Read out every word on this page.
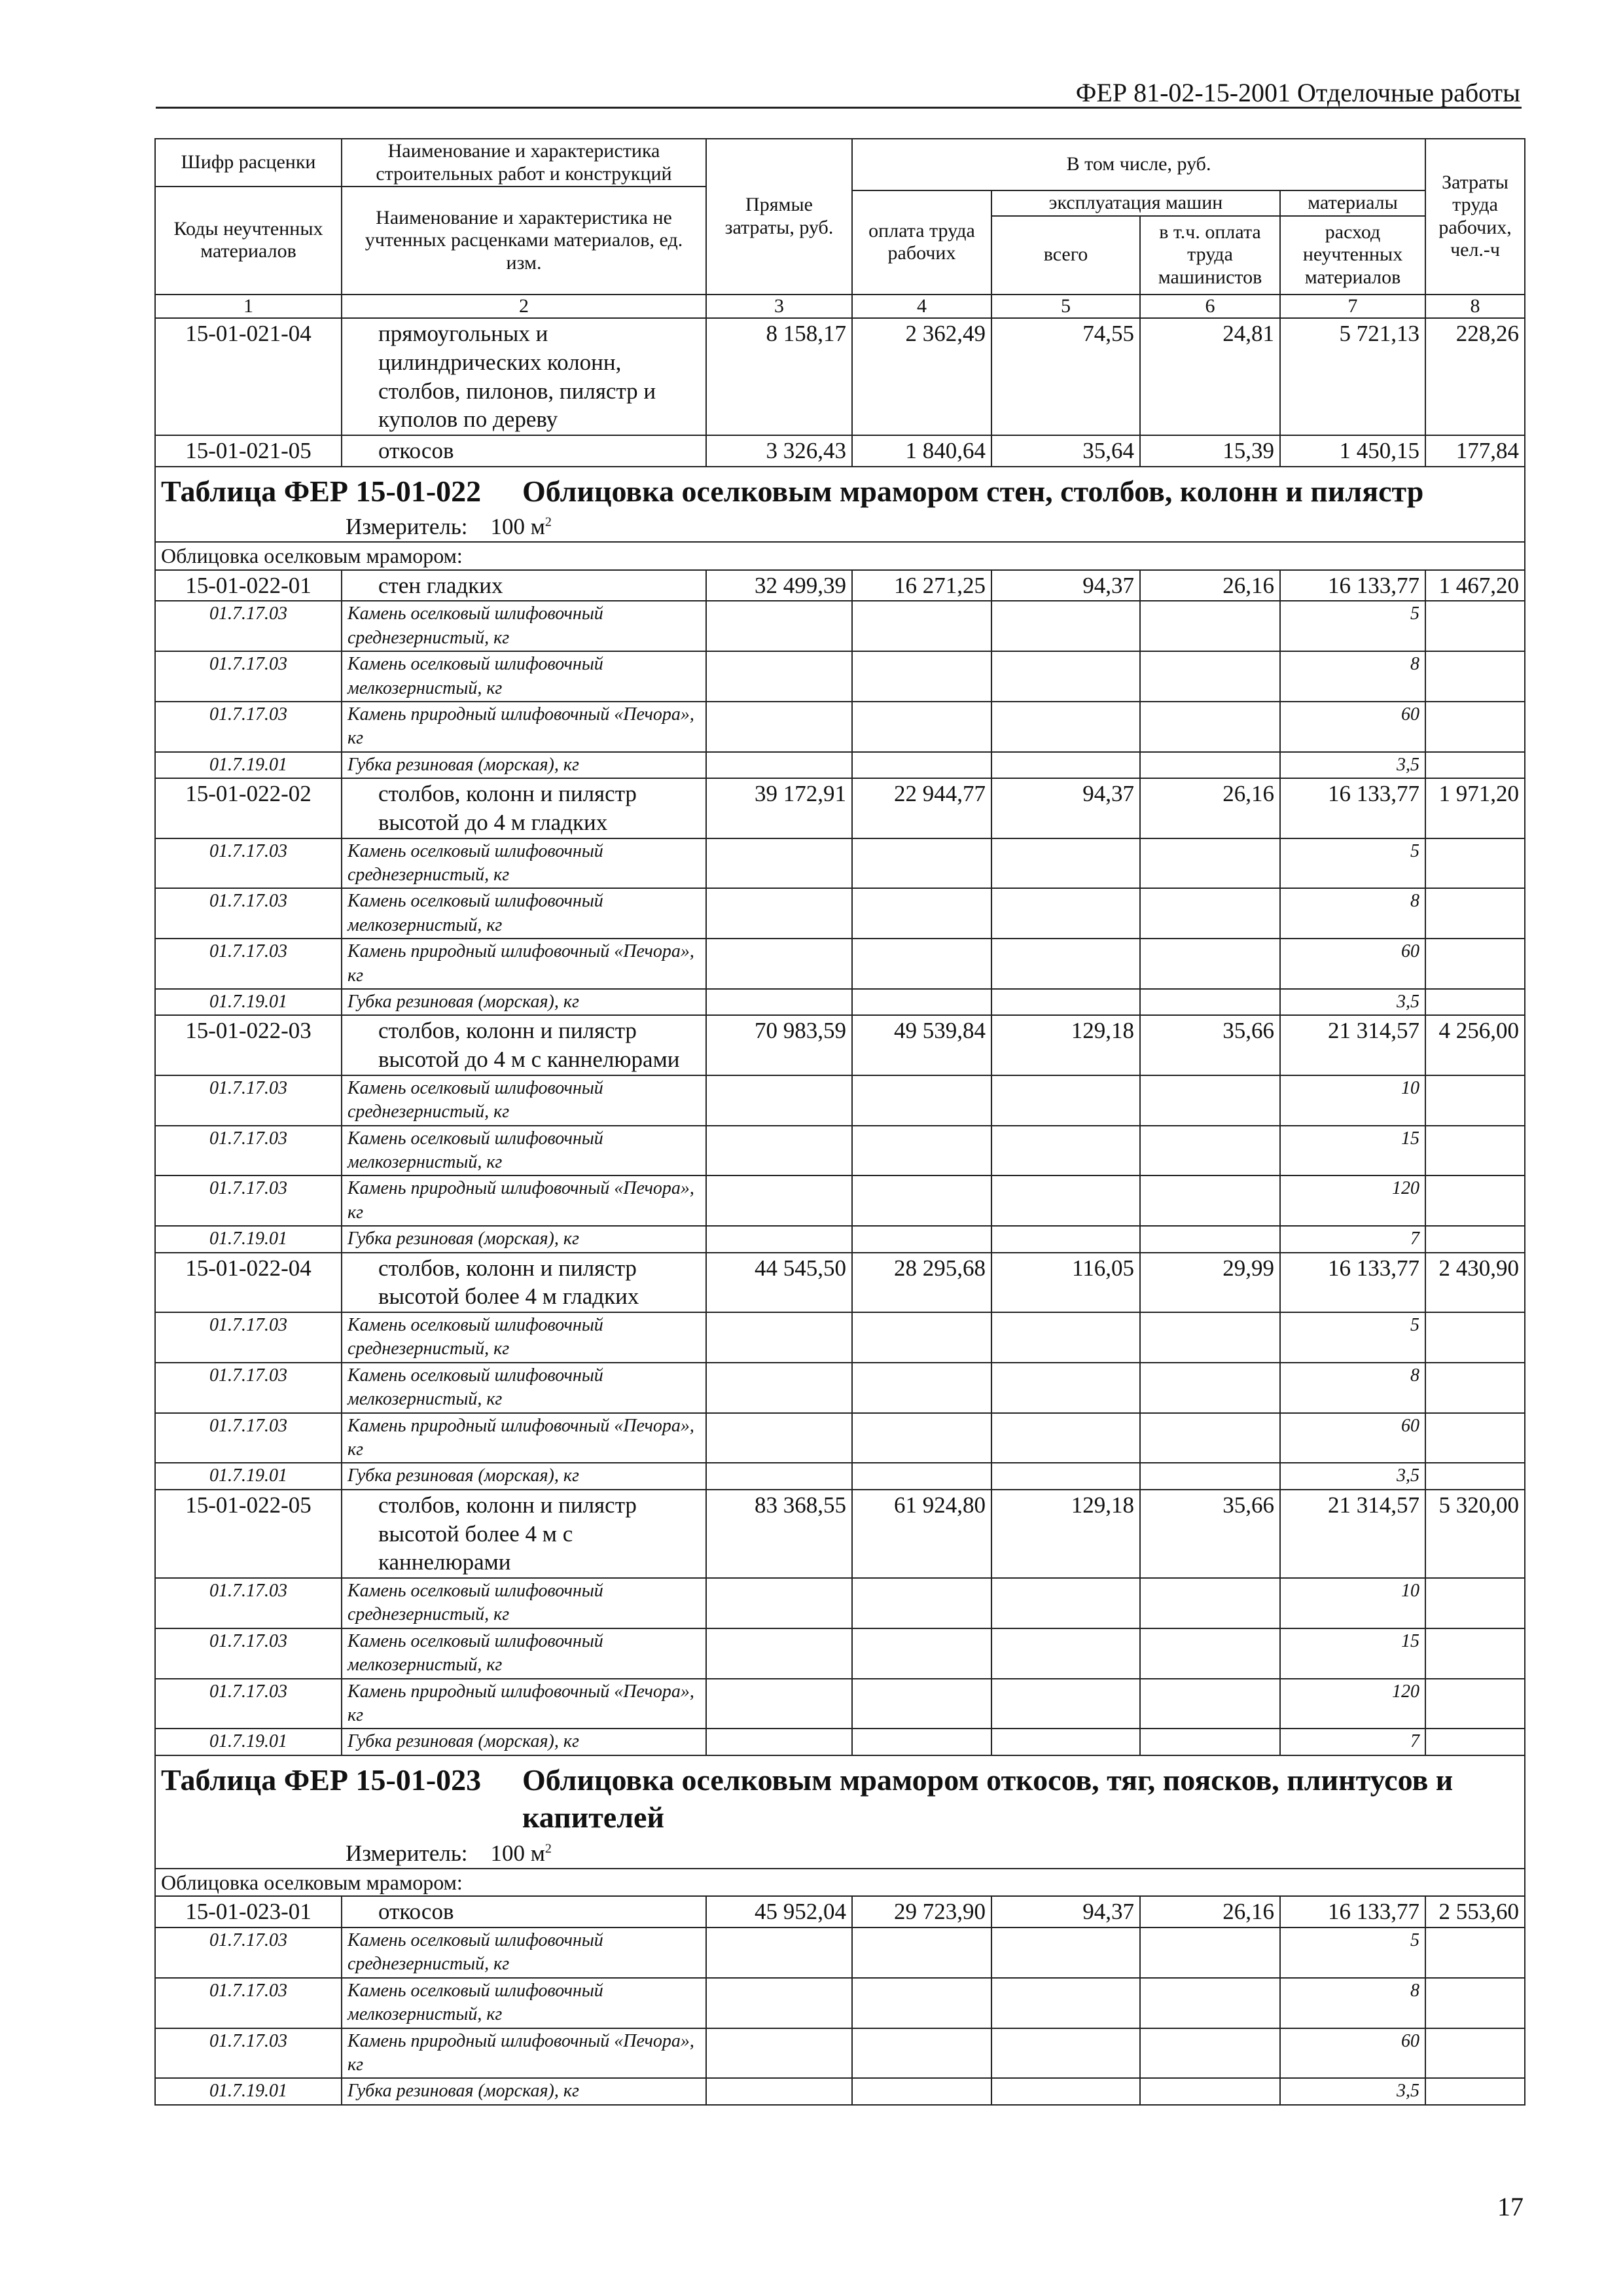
ФЕР 81-02-15-2001 Отделочные работы
Шифр расценки	Наименование и характеристика строительных работ и конструкций	Прямые затраты, руб.	В том числе, руб.				Затраты труда рабочих, чел.-ч
Коды неучтенных материалов	Наименование и характеристика не учтенных расценками материалов, ед. изм.						
			оплата труда рабочих	эксплуатация машин		материалы	
				всего	в т.ч. оплата труда машинистов	расход неучтенных материалов	
1	2	3	4	5	6	7	8
15-01-021-04	прямоугольных и цилиндрических колонн, столбов, пилонов, пилястр и куполов по дереву	8 158,17	2 362,49	74,55	24,81	5 721,13	228,26
15-01-021-05	откосов	3 326,43	1 840,64	35,64	15,39	1 450,15	177,84

Таблица ФЕР 15-01-022 Облицовка оселковым мрамором стен, столбов, колонн и пилястр
Измеритель: 100 $м^2$

Облицовка оселковым мрамором:							
15-01-022-01	стен гладких	32 499,39	16 271,25	94,37	26,16	16 133,77	1 467,20
01.7.17.03	Камень оселковый шлифовочный среднезернистый, кг					5	
01.7.17.03	Камень оселковый шлифовочный мелкозернистый, кг					8	
01.7.17.03	Камень природный шлифовочный «Печора», кг					60	
01.7.19.01	Губка резиновая (морская), кг					3,5	
15-01-022-02	столбов, колонн и пилястр высотой до 4 м гладких	39 172,91	22 944,77	94,37	26,16	16 133,77	1 971,20
01.7.17.03	Камень оселковый шлифовочный среднезернистый, кг					5	
01.7.17.03	Камень оселковый шлифовочный мелкозернистый, кг					8	
01.7.17.03	Камень природный шлифовочный «Печора», кг					60	
01.7.19.01	Губка резиновая (морская), кг					3,5	
15-01-022-03	столбов, колонн и пилястр высотой до 4 м с каннелюрами	70 983,59	49 539,84	129,18	35,66	21 314,57	4 256,00
01.7.17.03	Камень оселковый шлифовочный среднезернистый, кг					10	
01.7.17.03	Камень оселковый шлифовочный мелкозернистый, кг					15	
01.7.17.03	Камень природный шлифовочный «Печора», кг					120	
01.7.19.01	Губка резиновая (морская), кг					7	
15-01-022-04	столбов, колонн и пилястр высотой более 4 м гладких	44 545,50	28 295,68	116,05	29,99	16 133,77	2 430,90
01.7.17.03	Камень оселковый шлифовочный среднезернистый, кг					5	
01.7.17.03	Камень оселковый шлифовочный мелкозернистый, кг					8	
01.7.17.03	Камень природный шлифовочный «Печора», кг					60	
01.7.19.01	Губка резиновая (морская), кг					3,5	
15-01-022-05	столбов, колонн и пилястр высотой более 4 м с каннелюрами	83 368,55	61 924,80	129,18	35,66	21 314,57	5 320,00
01.7.17.03	Камень оселковый шлифовочный среднезернистый, кг					10	
01.7.17.03	Камень оселковый шлифовочный мелкозернистый, кг					15	
01.7.17.03	Камень природный шлифовочный «Печора», кг					120	
01.7.19.01	Губка резиновая (морская), кг					7	

Таблица ФЕР 15-01-023 Облицовка оселковым мрамором откосов, тяг, поясков, плинтусов и капителей
Измеритель: 100 $м^2$

Облицовка оселковым мрамором:							
15-01-023-01	откосов	45 952,04	29 723,90	94,37	26,16	16 133,77	2 553,60
01.7.17.03	Камень оселковый шлифовочный среднезернистый, кг					5	
01.7.17.03	Камень оселковый шлифовочный мелкозернистый, кг					8	
01.7.17.03	Камень природный шлифовочный «Печора», кг					60	
01.7.19.01	Губка резиновая (морская), кг					3,5	
17
